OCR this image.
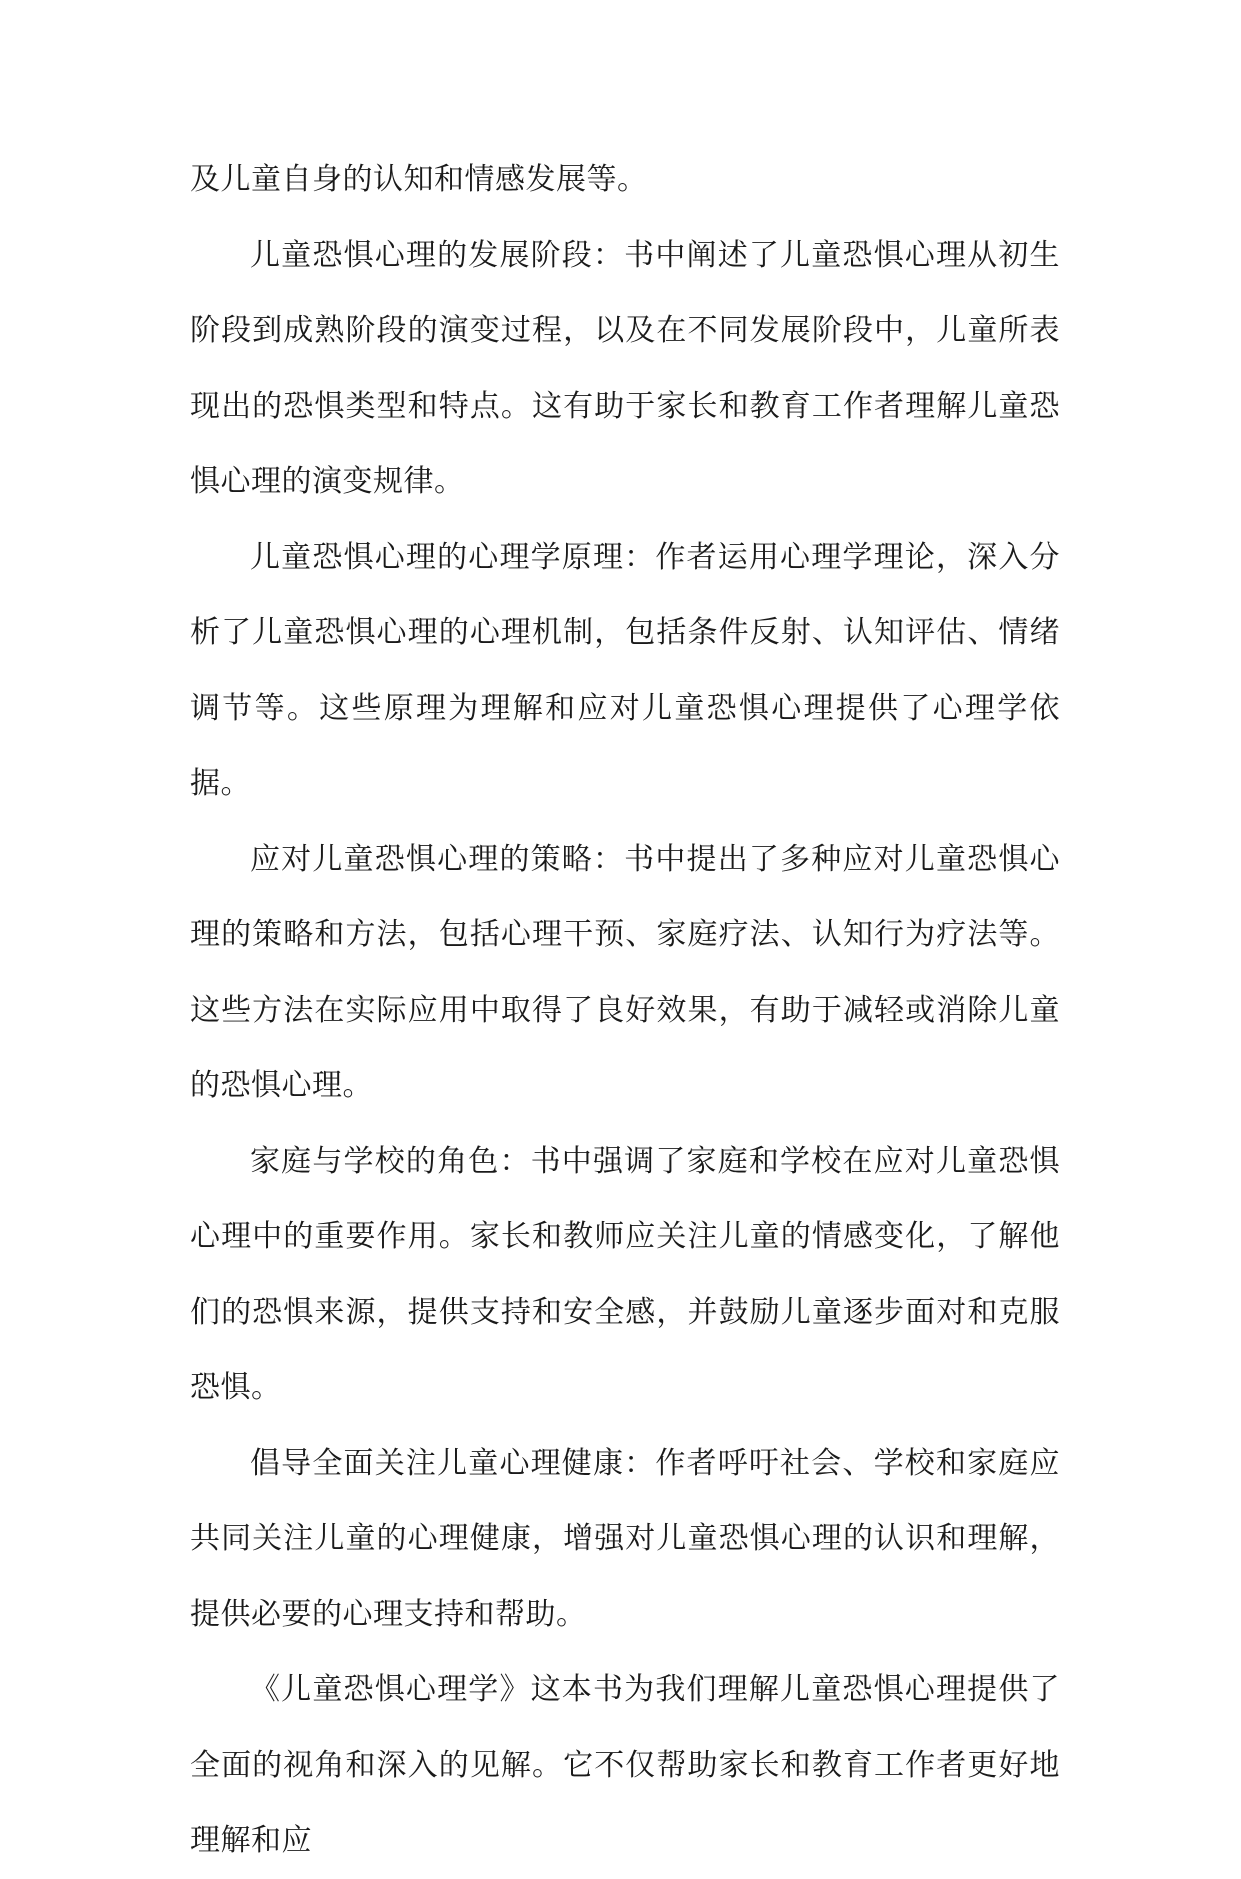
及儿童自身的认知和情感发展等。

儿童恐惧心理的发展阶段：书中阐述了儿童恐惧心理从初生阶段到成熟阶段的演变过程，以及在不同发展阶段中，儿童所表现出的恐惧类型和特点。这有助于家长和教育工作者理解儿童恐惧心理的演变规律。

儿童恐惧心理的心理学原理：作者运用心理学理论，深入分析了儿童恐惧心理的心理机制，包括条件反射、认知评估、情绪调节等。这些原理为理解和应对儿童恐惧心理提供了心理学依据。

应对儿童恐惧心理的策略：书中提出了多种应对儿童恐惧心理的策略和方法，包括心理干预、家庭疗法、认知行为疗法等。这些方法在实际应用中取得了良好效果，有助于减轻或消除儿童的恐惧心理。

家庭与学校的角色：书中强调了家庭和学校在应对儿童恐惧心理中的重要作用。家长和教师应关注儿童的情感变化，了解他们的恐惧来源，提供支持和安全感，并鼓励儿童逐步面对和克服恐惧。

倡导全面关注儿童心理健康：作者呼吁社会、学校和家庭应共同关注儿童的心理健康，增强对儿童恐惧心理的认识和理解，提供必要的心理支持和帮助。

《儿童恐惧心理学》这本书为我们理解儿童恐惧心理提供了全面的视角和深入的见解。它不仅帮助家长和教育工作者更好地理解和应
